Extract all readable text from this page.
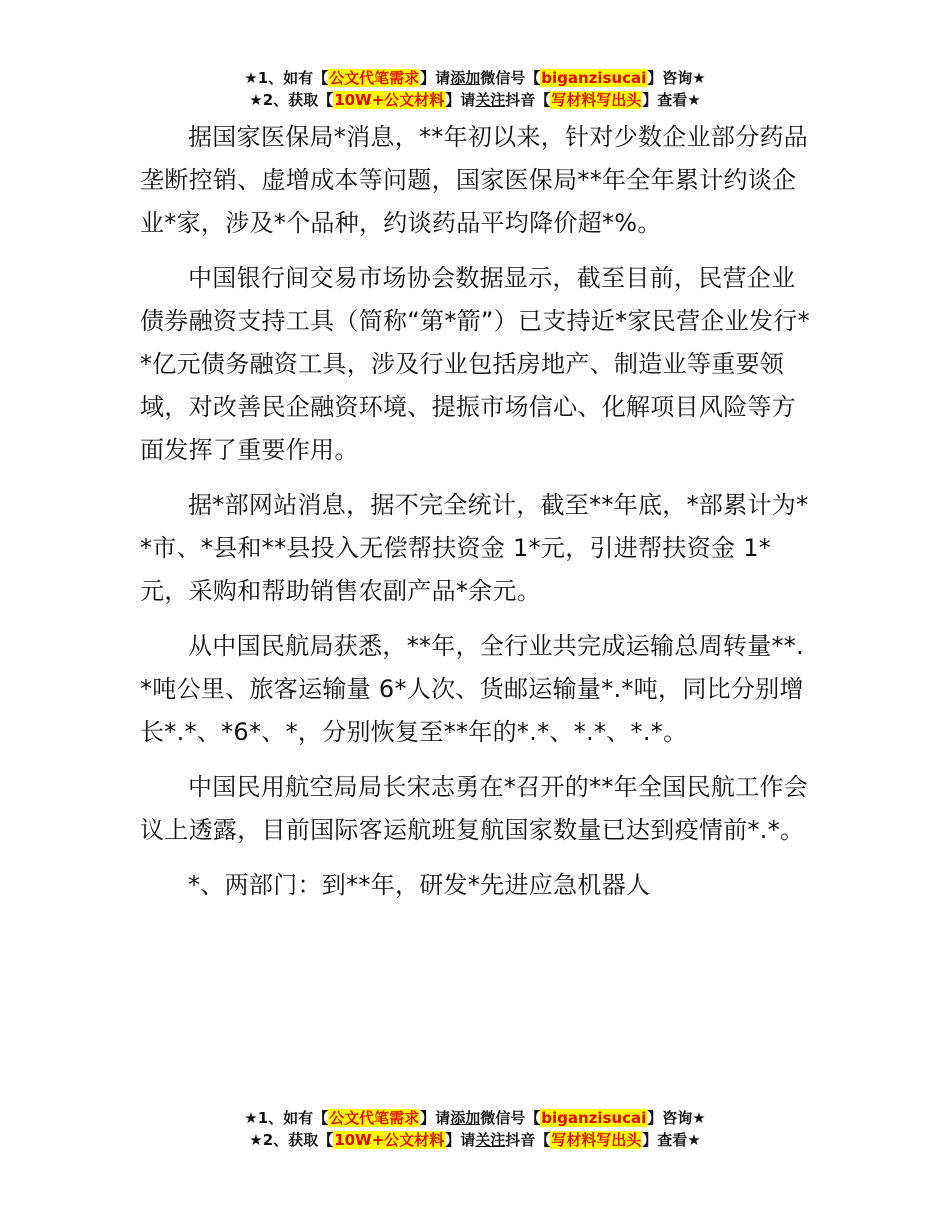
★1、如有【公文代笔需求】请添加微信号【biganzisucai】咨询★
★2、获取【10W+公文材料】请关注抖音【写材料写出头】查看★

据国家医保局*消息，**年初以来，针对少数企业部分药品垄断控销、虚增成本等问题，国家医保局**年全年累计约谈企业*家，涉及*个品种，约谈药品平均降价超*%。

中国银行间交易市场协会数据显示，截至目前，民营企业债券融资支持工具（简称“第*箭”）已支持近*家民营企业发行**亿元债务融资工具，涉及行业包括房地产、制造业等重要领域，对改善民企融资环境、提振市场信心、化解项目风险等方面发挥了重要作用。

据*部网站消息，据不完全统计，截至**年底，*部累计为**市、*县和**县投入无偿帮扶资金 1*元，引进帮扶资金 1*元，采购和帮助销售农副产品*余元。

从中国民航局获悉，**年，全行业共完成运输总周转量**.*吨公里、旅客运输量 6*人次、货邮运输量*.*吨，同比分别增长*.*、*6*、*，分别恢复至**年的*.*、*.*、*.*。

中国民用航空局局长宋志勇在*召开的**年全国民航工作会议上透露，目前国际客运航班复航国家数量已达到疫情前*.*。

*、两部门：到**年，研发*先进应急机器人

★1、如有【公文代笔需求】请添加微信号【biganzisucai】咨询★
★2、获取【10W+公文材料】请关注抖音【写材料写出头】查看★
